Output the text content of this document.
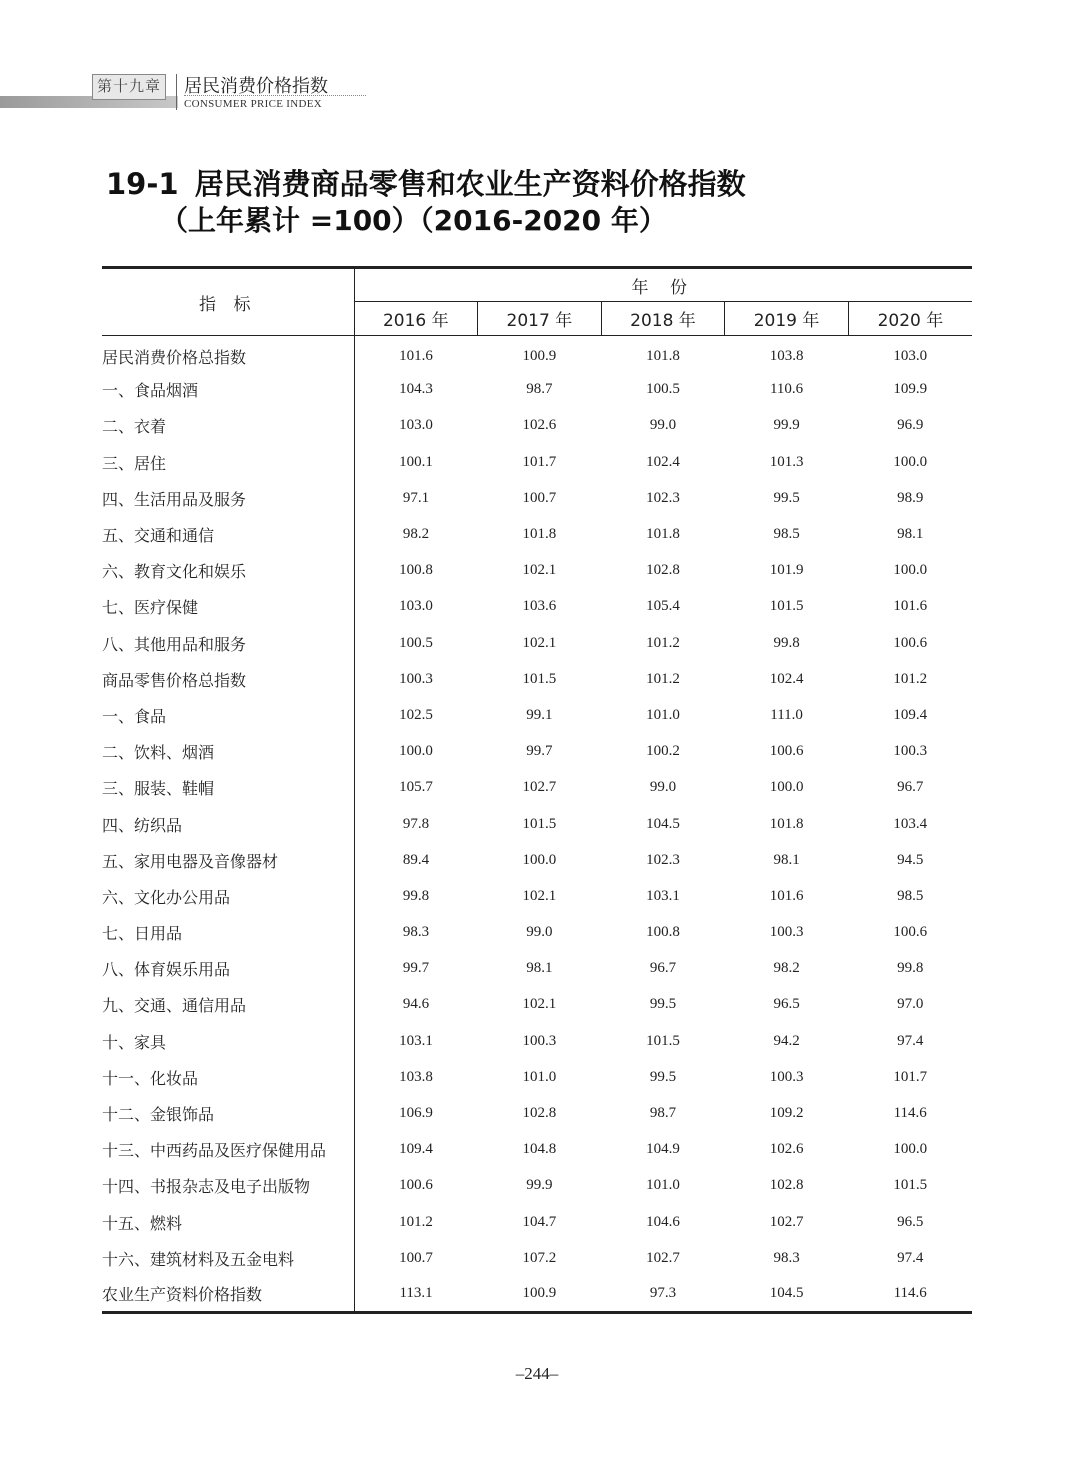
第十九章 居民消费价格指数
CONSUMER PRICE INDEX
19-1 居民消费商品零售和农业生产资料价格指数
（上年累计 =100）（2016-2020 年）
指 标	年 份				
	2016 年	2017 年	2018 年	2019 年	2020 年
居民消费价格总指数	101.6	100.9	101.8	103.8	103.0
一、食品烟酒	104.3	98.7	100.5	110.6	109.9
二、衣着	103.0	102.6	99.0	99.9	96.9
三、居住	100.1	101.7	102.4	101.3	100.0
四、生活用品及服务	97.1	100.7	102.3	99.5	98.9
五、交通和通信	98.2	101.8	101.8	98.5	98.1
六、教育文化和娱乐	100.8	102.1	102.8	101.9	100.0
七、医疗保健	103.0	103.6	105.4	101.5	101.6
八、其他用品和服务	100.5	102.1	101.2	99.8	100.6
商品零售价格总指数	100.3	101.5	101.2	102.4	101.2
一、食品	102.5	99.1	101.0	111.0	109.4
二、饮料、烟酒	100.0	99.7	100.2	100.6	100.3
三、服装、鞋帽	105.7	102.7	99.0	100.0	96.7
四、纺织品	97.8	101.5	104.5	101.8	103.4
五、家用电器及音像器材	89.4	100.0	102.3	98.1	94.5
六、文化办公用品	99.8	102.1	103.1	101.6	98.5
七、日用品	98.3	99.0	100.8	100.3	100.6
八、体育娱乐用品	99.7	98.1	96.7	98.2	99.8
九、交通、通信用品	94.6	102.1	99.5	96.5	97.0
十、家具	103.1	100.3	101.5	94.2	97.4
十一、化妆品	103.8	101.0	99.5	100.3	101.7
十二、金银饰品	106.9	102.8	98.7	109.2	114.6
十三、中西药品及医疗保健用品	109.4	104.8	104.9	102.6	100.0
十四、书报杂志及电子出版物	100.6	99.9	101.0	102.8	101.5
十五、燃料	101.2	104.7	104.6	102.7	96.5
十六、建筑材料及五金电料	100.7	107.2	102.7	98.3	97.4
农业生产资料价格指数	113.1	100.9	97.3	104.5	114.6
–244–
